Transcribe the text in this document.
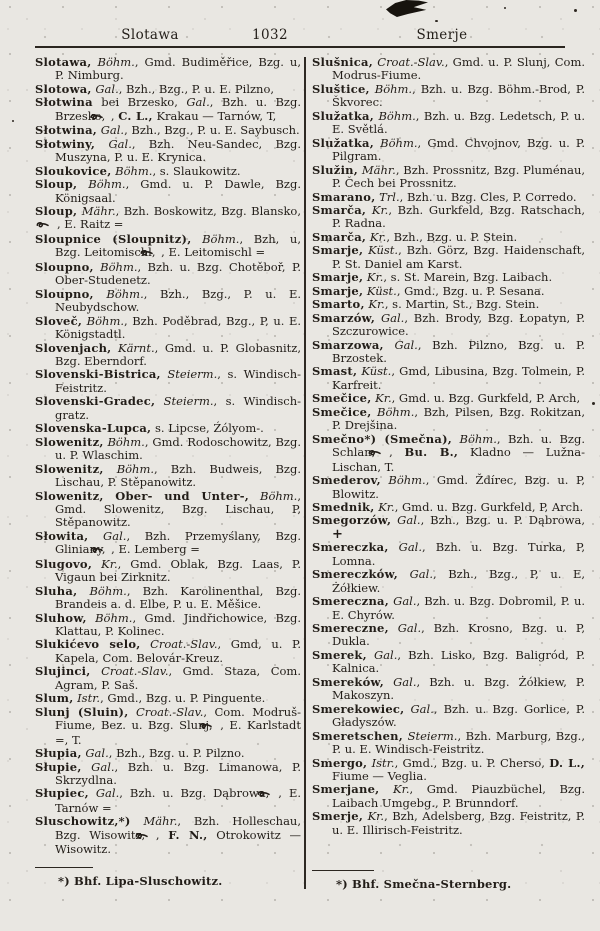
Slotawa	1032	Smerje

Slotawa, Böhm., Gmd. Budiměřice, Bzg. u, P. Nimburg.

Slotowa, Gal., Bzh., Bzg., P. u. E. Pilzno,

Słotwina bei Brzesko, Gal., Bzh. u. Bzg. Brzesko, , C. L., Krakau — Tarnów, T,

Słotwina, Gal., Bzh., Bzg., P. u. E. Saybusch.

Słotwiny, Gal., Bzh. Neu-Sandec, Bzg. Muszyna, P. u. E. Krynica.

Sloukovice, Böhm., s. Slaukowitz.

Sloup, Böhm., Gmd. u. P. Dawle, Bzg. Königsaal.

Sloup, Mähr., Bzh. Boskowitz, Bzg. Blansko, , E. Raitz =

Sloupnice (Sloupnitz), Böhm., Bzh, u, Bzg. Leitomischl, , E. Leitomischl =

Sloupno, Böhm., Bzh. u. Bzg. Chotěboř, P. Ober-Studenetz.

Sloupno, Böhm., Bzh., Bzg., P. u. E. Neubydschow.

Sloveč, Böhm., Bzh. Poděbrad, Bzg., P, u. E. Königstadtl.

Slovenjach, Kärnt., Gmd. u. P. Globasnitz, Bzg. Eberndorf.

Slovenski-Bistrica, Steierm., s. Windisch-Feistritz.

Slovenski-Gradec, Steierm., s. Windisch-gratz.

Slovenska-Lupca, s. Lipcse, Źólyom-.

Slowenitz, Böhm., Gmd. Rodoschowitz, Bzg. u. P. Wlaschim.

Slowenitz, Böhm., Bzh. Budweis, Bzg. Lischau, P. Stěpanowitz.

Slowenitz, Ober- und Unter-, Böhm., Gmd. Slowenitz, Bzg. Lischau, P, Stěpanowitz.

Słowita, Gal., Bzh. Przemyślany, Bzg. Gliniany, , E. Lemberg =

Slugovo, Kr., Gmd. Oblak, Bzg. Laas, P. Vigaun bei Zirknitz.

Sluha, Böhm., Bzh. Karolinenthal, Bzg. Brandeis a. d. Elbe, P. u. E. Měšice.

Sluhow, Böhm., Gmd. Jindřichowice, Bzg. Klattau, P. Kolinec.

Slukićevo selo, Croat.-Slav., Gmd, u. P. Kapela, Com. Belovár-Kreuz.

Slujinci, Croat.-Slav., Gmd. Staza, Com. Agram, P. Saš.

Slum, Istr., Gmd., Bzg. u. P. Pinguente.

Slunj (Sluin), Croat.-Slav., Com. Modruš-Fiume, Bez. u. Bzg. Slunj, , E. Karlstadt =, T.

Słupia, Gal., Bzh., Bzg. u. P. Pilzno.

Słupie, Gal., Bzh. u. Bzg. Limanowa, P. Skrzydlna.

Słupiec, Gal., Bzh. u. Bzg. Dąbrowa, , E. Tarnów =

Sluschowitz,*) Mähr., Bzh. Holleschau, Bzg. Wisowitz, , F. N., Otrokowitz — Wisowitz.

Slušnica, Croat.-Slav., Gmd. u. P. Slunj, Com. Modrus-Fiume.

Sluštice, Böhm., Bzh. u. Bzg. Böhm.-Brod, P. Škvorec.

Služatka, Böhm., Bzh. u. Bzg. Ledetsch, P. u. E. Světlá.

Služatka, Böhm., Gmd. Chvojnov, Bzg. u. P. Pilgram.

Služin, Mähr., Bzh. Prossnitz, Bzg. Pluménau, P. Čech bei Prossnitz.

Smarano, Trl., Bzh. u. Bzg. Cles, P. Corredo.

Smarča, Kr., Bzh. Gurkfeld, Bzg. Ratschach, P. Radna.

Smarča, Kr., Bzh., Bzg. u. P. Stein.

Smarje, Küst., Bzh. Görz, Bzg. Haidenschaft, P. St. Daniel am Karst.

Smarje, Kr., s. St. Marein, Bzg. Laibach.

Smarje, Küst., Gmd., Bzg. u. P. Sesana.

Smarto, Kr., s. Martin, St., Bzg. Stein.

Smarzów, Gal., Bzh. Brody, Bzg. Łopatyn, P. Szczurowice.

Smarzowa, Gal., Bzh. Pilzno, Bzg. u. P. Brzostek.

Smast, Küst., Gmd, Libusina, Bzg. Tolmein, P. Karfreit.

Smečice, Kr., Gmd. u. Bzg. Gurkfeld, P. Arch,

Smečice, Böhm., Bzh, Pilsen, Bzg. Rokitzan, P. Drejšina.

Smečno*) (Smečna), Böhm., Bzh. u. Bzg. Schlan, , Bu. B., Kladno — Lužna-Lischan, T.

Smederov, Böhm., Gmd. Ždírec, Bzg. u. P, Blowitz.

Smednik, Kr., Gmd. u. Bzg. Gurkfeld, P, Arch.

Smegorzów, Gal., Bzh., Bzg. u. P. Dąbrowa, +

Smereczka, Gal., Bzh. u. Bzg. Turka, P, Lomna.

Smereczków, Gal., Bzh., Bzg., P, u. E, Żółkiew.

Smereczna, Gal., Bzh. u. Bzg. Dobromil, P. u. E. Chyrów.

Smereczne, Gal., Bzh. Krosno, Bzg. u. P, Dukla.

Smerek, Gal., Bzh. Lisko, Bzg. Baligród, P. Kalnica.

Smereków, Gal., Bzh. u. Bzg. Żółkiew, P. Makoszyn.

Smerekowiec, Gal., Bzh. u. Bzg. Gorlice, P. Gładyszów.

Smeretschen, Steierm., Bzh. Marburg, Bzg., P. u. E. Windisch-Feistritz.

Smergo, Istr., Gmd., Bzg. u. P. Cherso, D. L., Fiume — Veglia.

Smerjane, Kr., Gmd. Piauzbüchel, Bzg. Laibach Umgebg., P. Brunndorf.

Smerje, Kr., Bzh, Adelsberg, Bzg. Feistritz, P. u. E. Illirisch-Feistritz.

*) Bhf. Lipa-Sluschowitz.	*) Bhf. Smečna-Sternberg.
